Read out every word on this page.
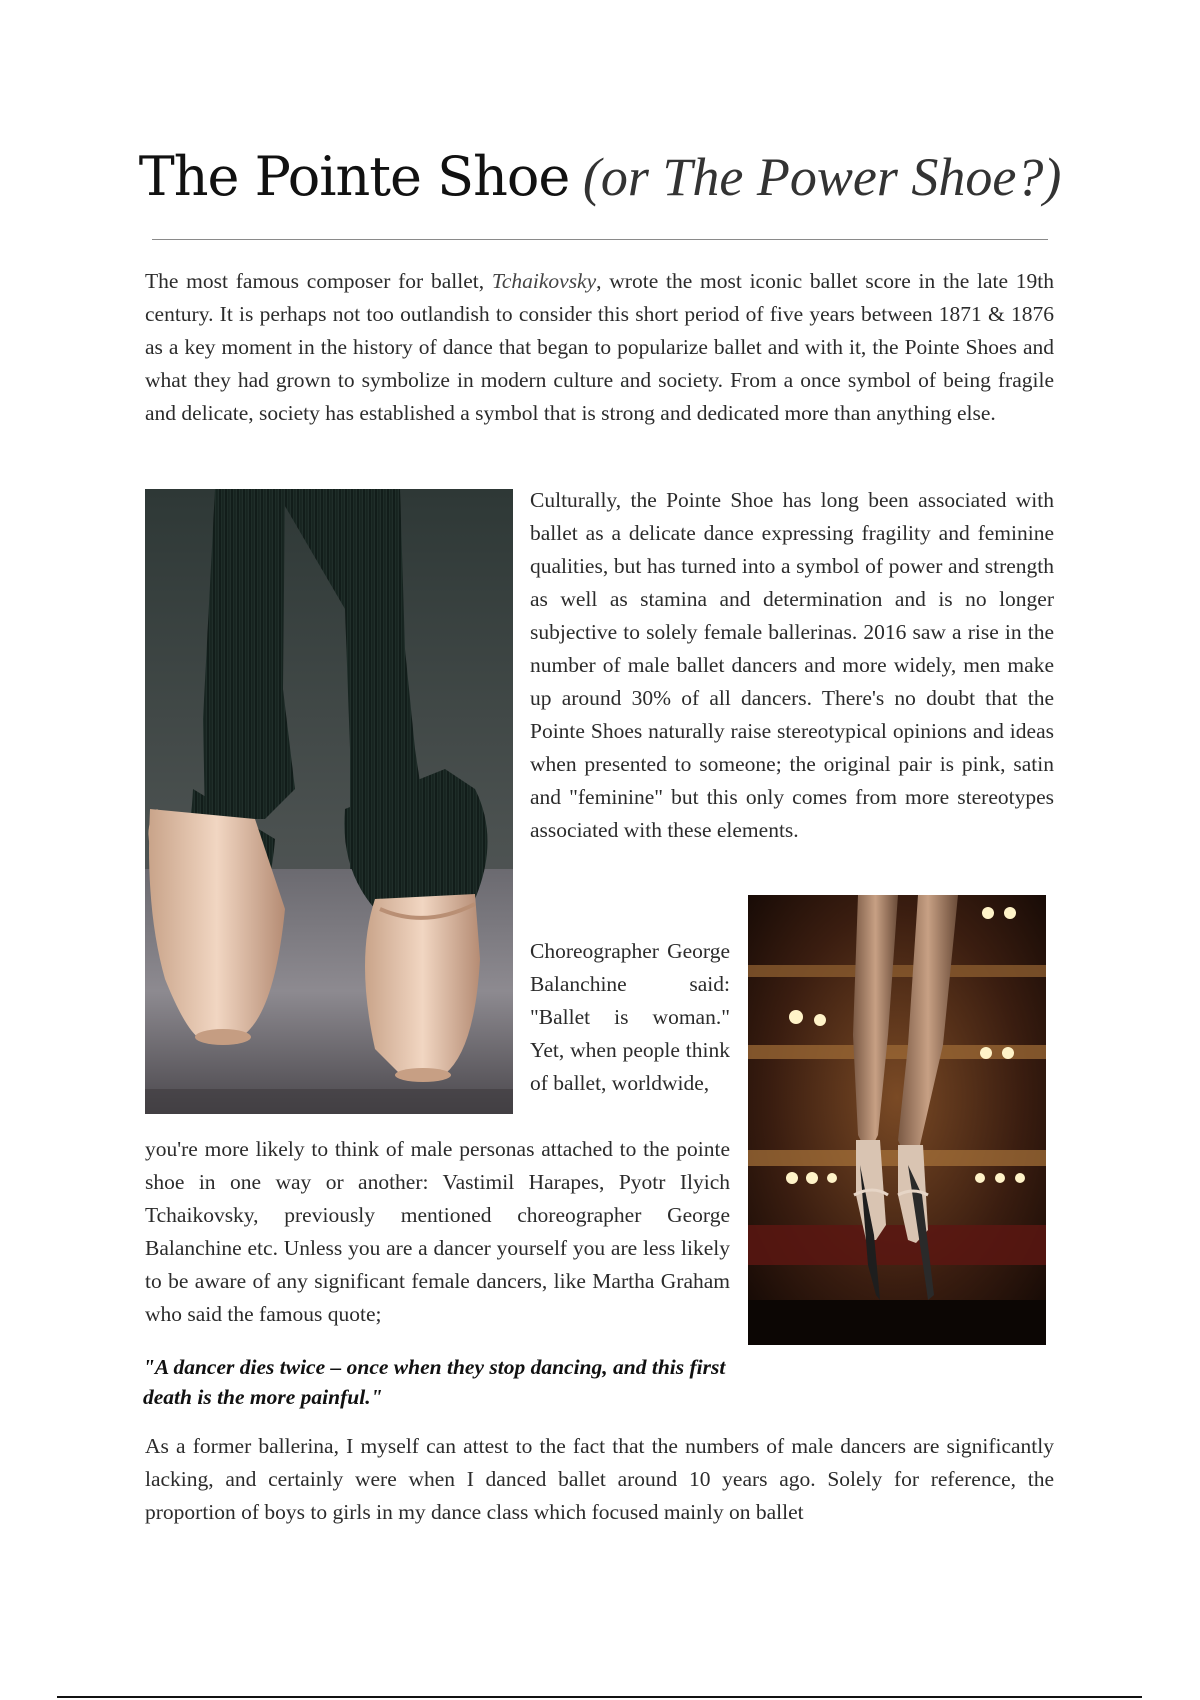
The Pointe Shoe (or The Power Shoe?)

The most famous composer for ballet, Tchaikovsky, wrote the most iconic ballet score in the late 19th century. It is perhaps not too outlandish to consider this short period of five years between 1871 & 1876 as a key moment in the history of dance that began to popularize ballet and with it, the Pointe Shoes and what they had grown to symbolize in modern culture and society. From a once symbol of being fragile and delicate, society has established a symbol that is strong and dedicated more than anything else.

Culturally, the Pointe Shoe has long been associated with ballet as a delicate dance expressing fragility and feminine qualities, but has turned into a symbol of power and strength as well as stamina and determination and is no longer subjective to solely female ballerinas. 2016 saw a rise in the number of male ballet dancers and more widely, men make up around 30% of all dancers. There's no doubt that the Pointe Shoes naturally raise stereotypical opinions and ideas when presented to someone; the original pair is pink, satin and "feminine" but this only comes from more stereotypes associated with these elements.

Choreographer George Balanchine said: "Ballet is woman." Yet, when people think of ballet, worldwide,

you're more likely to think of male personas attached to the pointe shoe in one way or another: Vastimil Harapes, Pyotr Ilyich Tchaikovsky, previously mentioned choreographer George Balanchine etc. Unless you are a dancer yourself you are less likely to be aware of any significant female dancers, like Martha Graham who said the famous quote;

"A dancer dies twice – once when they stop dancing, and this first death is the more painful."

As a former ballerina, I myself can attest to the fact that the numbers of male dancers are significantly lacking, and certainly were when I danced ballet around 10 years ago. Solely for reference, the proportion of boys to girls in my dance class which focused mainly on ballet
